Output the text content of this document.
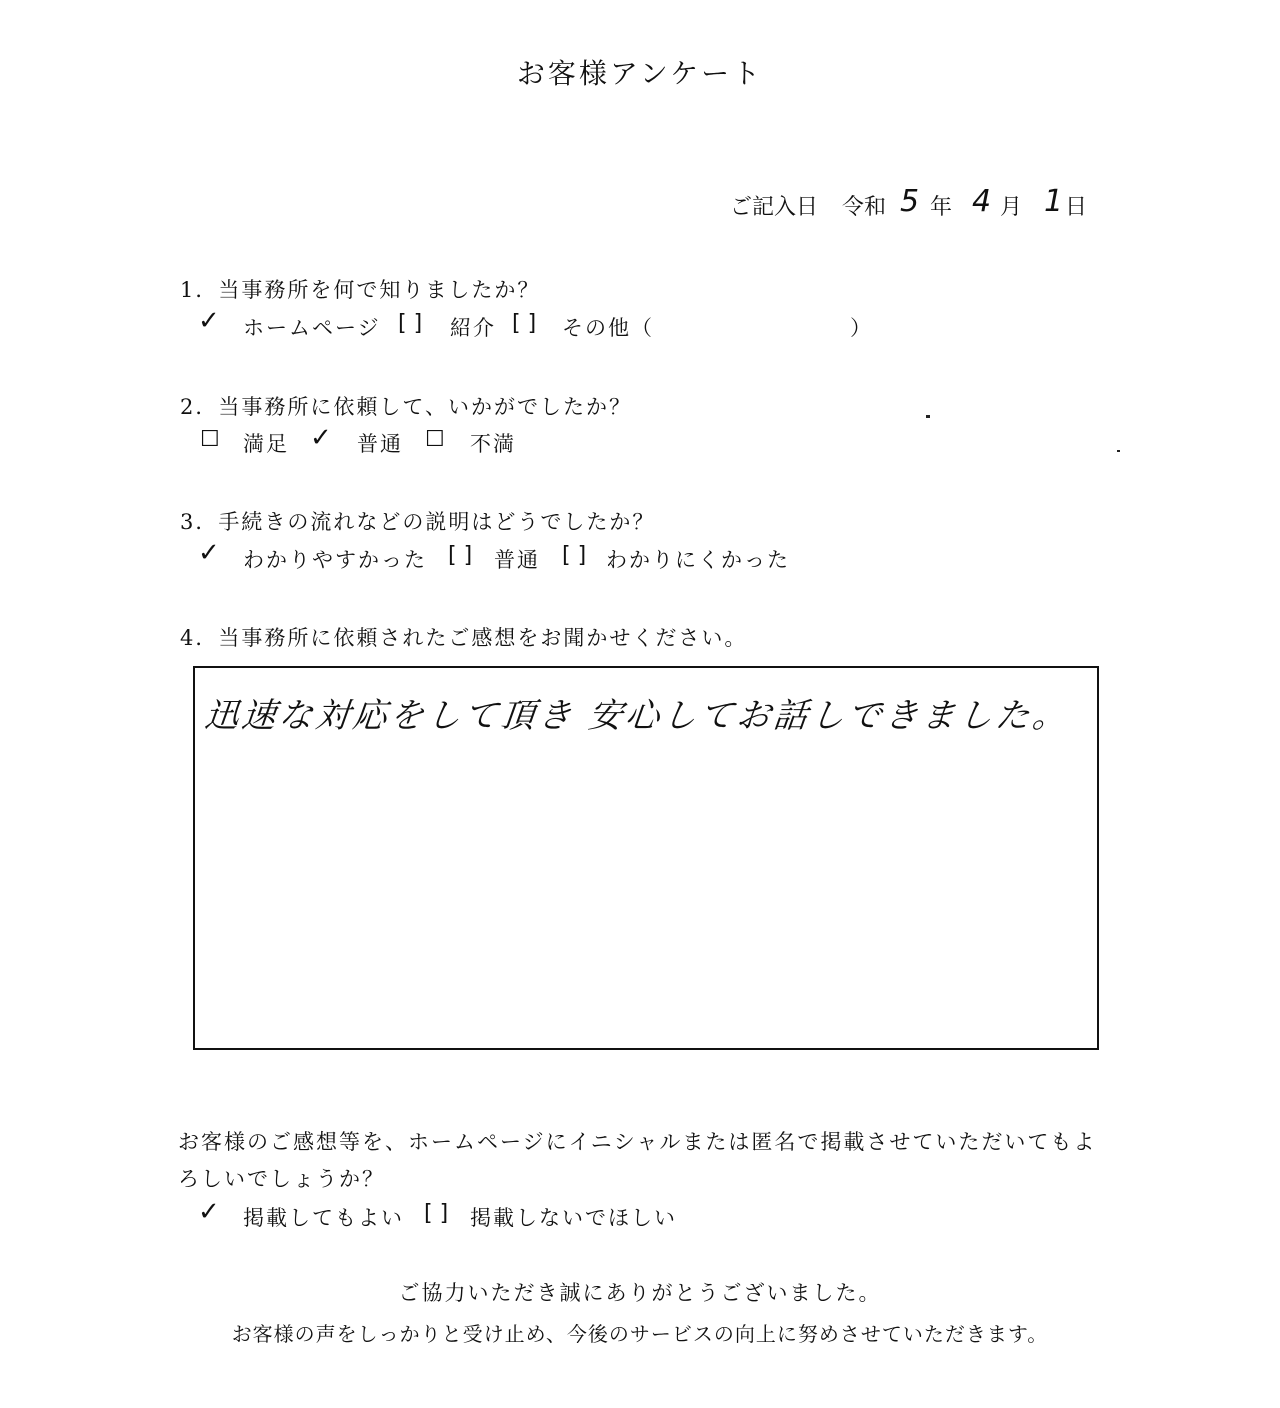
お客様アンケート
ご記入日 令和 5 年 4 月 1 日
1．当事務所を何で知りましたか？
✓ ホームページ [ ] 紹介 [ ] その他（	）
2．当事務所に依頼して、いかがでしたか？
☐ 満足 ✓ 普通 ☐ 不満
3．手続きの流れなどの説明はどうでしたか？
✓ わかりやすかった [ ] 普通 [ ] わかりにくかった
4．当事務所に依頼されたご感想をお聞かせください。
迅速な対応をして頂き 安心してお話しできました。
お客様のご感想等を、ホームページにイニシャルまたは匿名で掲載させていただいてもよ
ろしいでしょうか？
✓ 掲載してもよい [ ] 掲載しないでほしい
ご協力いただき誠にありがとうございました。
お客様の声をしっかりと受け止め、今後のサービスの向上に努めさせていただきます。
